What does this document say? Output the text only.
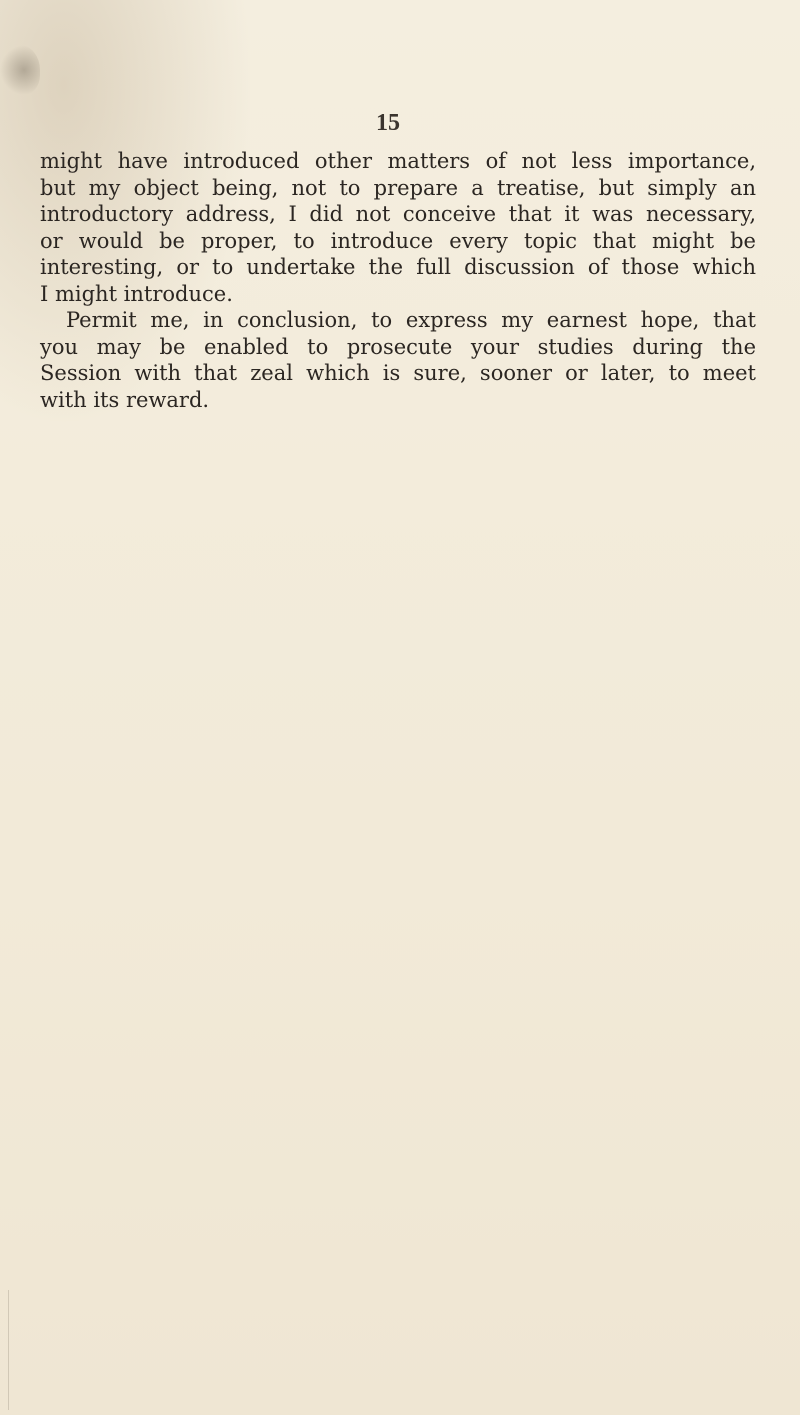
15
might have introduced other matters of not less importance,
but my object being, not to prepare a treatise, but simply an
introductory address, I did not conceive that it was necessary,
or would be proper, to introduce every topic that might be
interesting, or to undertake the full discussion of those which
I might introduce.
Permit me, in conclusion, to express my earnest hope, that
you may be enabled to prosecute your studies during the
Session with that zeal which is sure, sooner or later, to meet
with its reward.
